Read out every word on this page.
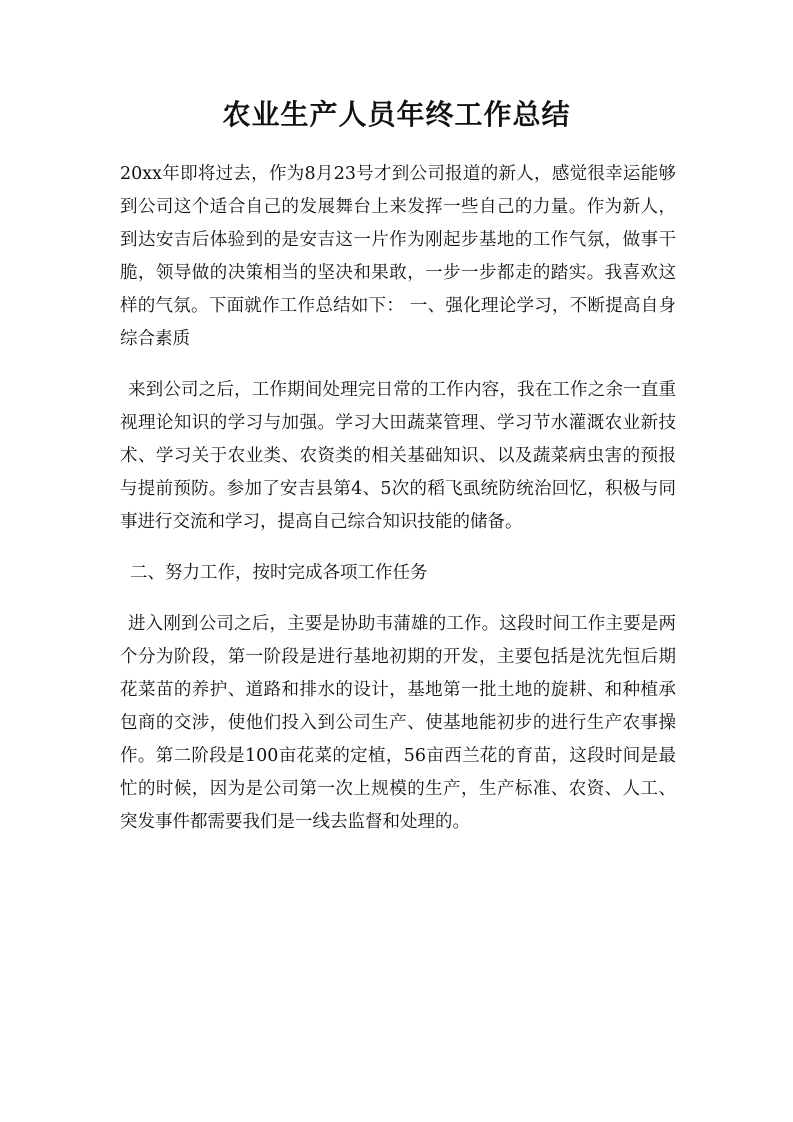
农业生产人员年终工作总结

20xx年即将过去，作为8月23号才到公司报道的新人，感觉很幸运能够到公司这个适合自己的发展舞台上来发挥一些自己的力量。作为新人，到达安吉后体验到的是安吉这一片作为刚起步基地的工作气氛，做事干脆，领导做的决策相当的坚决和果敢，一步一步都走的踏实。我喜欢这样的气氛。下面就作工作总结如下： 一、强化理论学习，不断提高自身综合素质

来到公司之后，工作期间处理完日常的工作内容，我在工作之余一直重视理论知识的学习与加强。学习大田蔬菜管理、学习节水灌溉农业新技术、学习关于农业类、农资类的相关基础知识、以及蔬菜病虫害的预报与提前预防。参加了安吉县第4、5次的稻飞虱统防统治回忆，积极与同事进行交流和学习，提高自己综合知识技能的储备。

二、努力工作，按时完成各项工作任务

进入刚到公司之后，主要是协助韦蒲雄的工作。这段时间工作主要是两个分为阶段，第一阶段是进行基地初期的开发，主要包括是沈先恒后期花菜苗的养护、道路和排水的设计，基地第一批土地的旋耕、和种植承包商的交涉，使他们投入到公司生产、使基地能初步的进行生产农事操作。第二阶段是100亩花菜的定植，56亩西兰花的育苗，这段时间是最忙的时候，因为是公司第一次上规模的生产，生产标准、农资、人工、突发事件都需要我们是一线去监督和处理的。
